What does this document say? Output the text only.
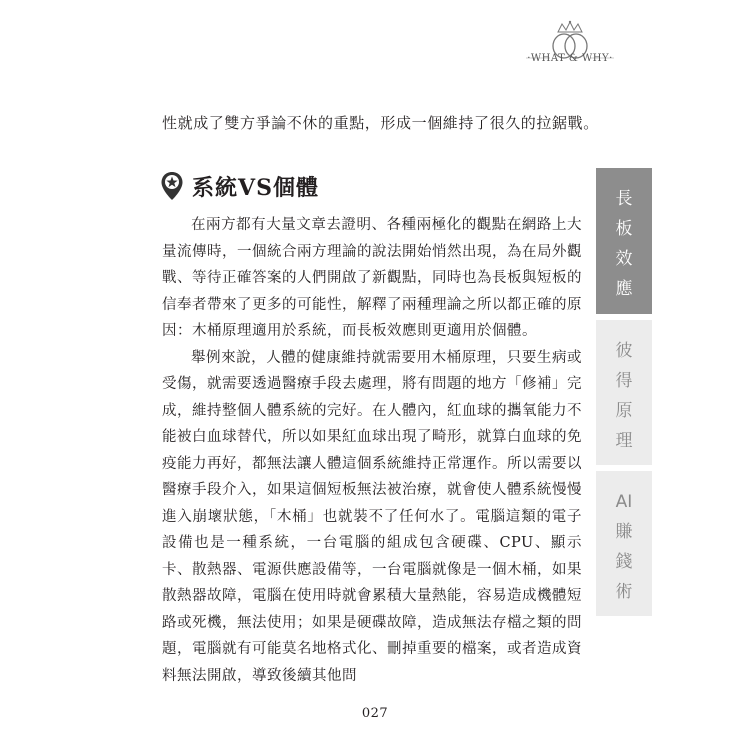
·WHAT & WHY·
性就成了雙方爭論不休的重點，形成一個維持了很久的拉鋸戰。
系統VS個體

在兩方都有大量文章去證明、各種兩極化的觀點在網路上大量流傳時，一個統合兩方理論的說法開始悄然出現，為在局外觀戰、等待正確答案的人們開啟了新觀點，同時也為長板與短板的信奉者帶來了更多的可能性，解釋了兩種理論之所以都正確的原因：木桶原理適用於系統，而長板效應則更適用於個體。

舉例來說，人體的健康維持就需要用木桶原理，只要生病或受傷，就需要透過醫療手段去處理，將有問題的地方「修補」完成，維持整個人體系統的完好。在人體內，紅血球的攜氧能力不能被白血球替代，所以如果紅血球出現了畸形，就算白血球的免疫能力再好，都無法讓人體這個系統維持正常運作。所以需要以醫療手段介入，如果這個短板無法被治療，就會使人體系統慢慢進入崩壞狀態，「木桶」也就裝不了任何水了。電腦這類的電子設備也是一種系統，一台電腦的組成包含硬碟、CPU、顯示卡、散熱器、電源供應設備等，一台電腦就像是一個木桶，如果散熱器故障，電腦在使用時就會累積大量熱能，容易造成機體短路或死機，無法使用；如果是硬碟故障，造成無法存檔之類的問題，電腦就有可能莫名地格式化、刪掉重要的檔案，或者造成資料無法開啟，導致後續其他問

長
板
效
應
彼
得
原
理
AI
賺
錢
術
027
